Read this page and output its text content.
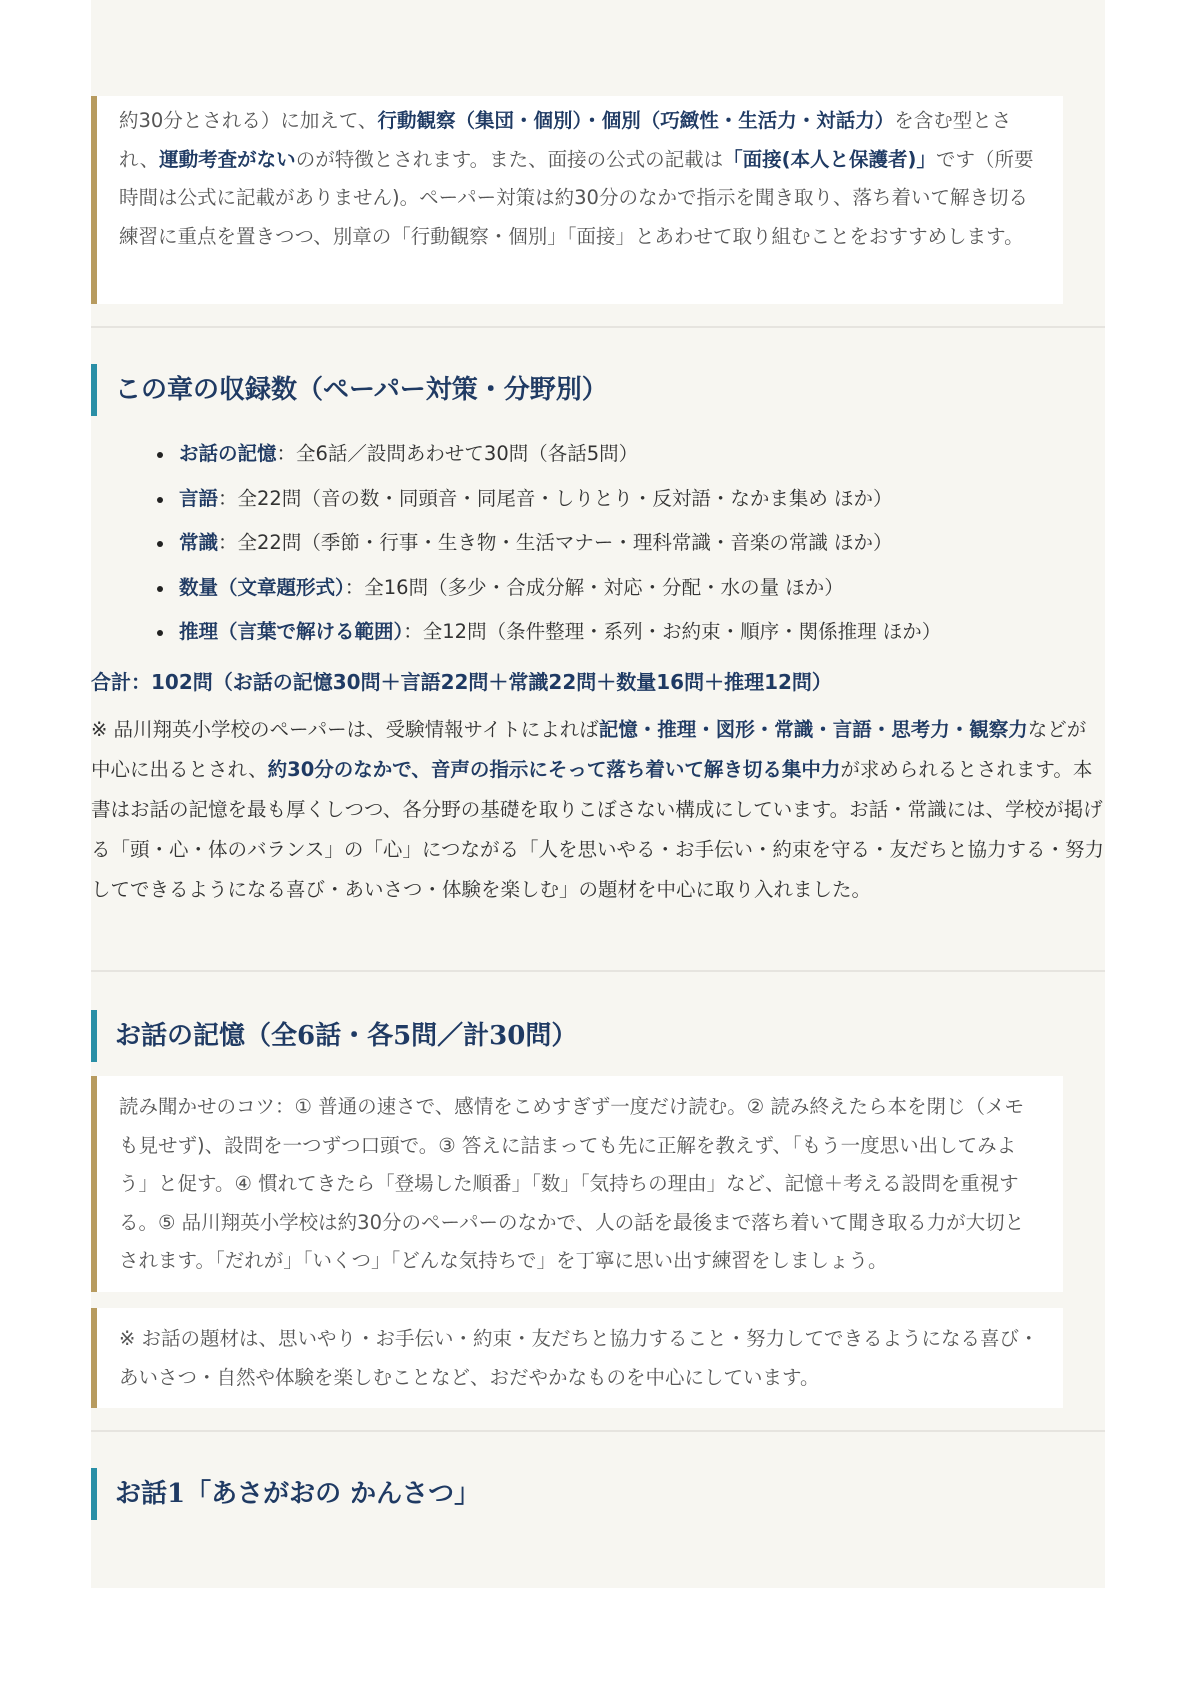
約30分とされる）に加えて、行動観察（集団・個別）・個別（巧緻性・生活力・対話力）を含む型とされ、運動考査がないのが特徴とされます。また、面接の公式の記載は「面接(本人と保護者)」です（所要時間は公式に記載がありません)。ペーパー対策は約30分のなかで指示を聞き取り、落ち着いて解き切る練習に重点を置きつつ、別章の「行動観察・個別」「面接」とあわせて取り組むことをおすすめします。
この章の収録数（ペーパー対策・分野別）
お話の記憶：全6話／設問あわせて30問（各話5問）
言語：全22問（音の数・同頭音・同尾音・しりとり・反対語・なかま集め ほか）
常識：全22問（季節・行事・生き物・生活マナー・理科常識・音楽の常識 ほか）
数量（文章題形式）：全16問（多少・合成分解・対応・分配・水の量 ほか）
推理（言葉で解ける範囲）：全12問（条件整理・系列・お約束・順序・関係推理 ほか）
合計：102問（お話の記憶30問＋言語22問＋常識22問＋数量16問＋推理12問）
※ 品川翔英小学校のペーパーは、受験情報サイトによれば記憶・推理・図形・常識・言語・思考力・観察力などが中心に出るとされ、約30分のなかで、音声の指示にそって落ち着いて解き切る集中力が求められるとされます。本書はお話の記憶を最も厚くしつつ、各分野の基礎を取りこぼさない構成にしています。お話・常識には、学校が掲げる「頭・心・体のバランス」の「心」につながる「人を思いやる・お手伝い・約束を守る・友だちと協力する・努力してできるようになる喜び・あいさつ・体験を楽しむ」の題材を中心に取り入れました。
お話の記憶（全6話・各5問／計30問）
読み聞かせのコツ：① 普通の速さで、感情をこめすぎず一度だけ読む。② 読み終えたら本を閉じ（メモも見せず)、設問を一つずつ口頭で。③ 答えに詰まっても先に正解を教えず、「もう一度思い出してみよう」と促す。④ 慣れてきたら「登場した順番」「数」「気持ちの理由」など、記憶＋考える設問を重視する。⑤ 品川翔英小学校は約30分のペーパーのなかで、人の話を最後まで落ち着いて聞き取る力が大切とされます。「だれが」「いくつ」「どんな気持ちで」を丁寧に思い出す練習をしましょう。
※ お話の題材は、思いやり・お手伝い・約束・友だちと協力すること・努力してできるようになる喜び・あいさつ・自然や体験を楽しむことなど、おだやかなものを中心にしています。
お話1「あさがおの かんさつ」
